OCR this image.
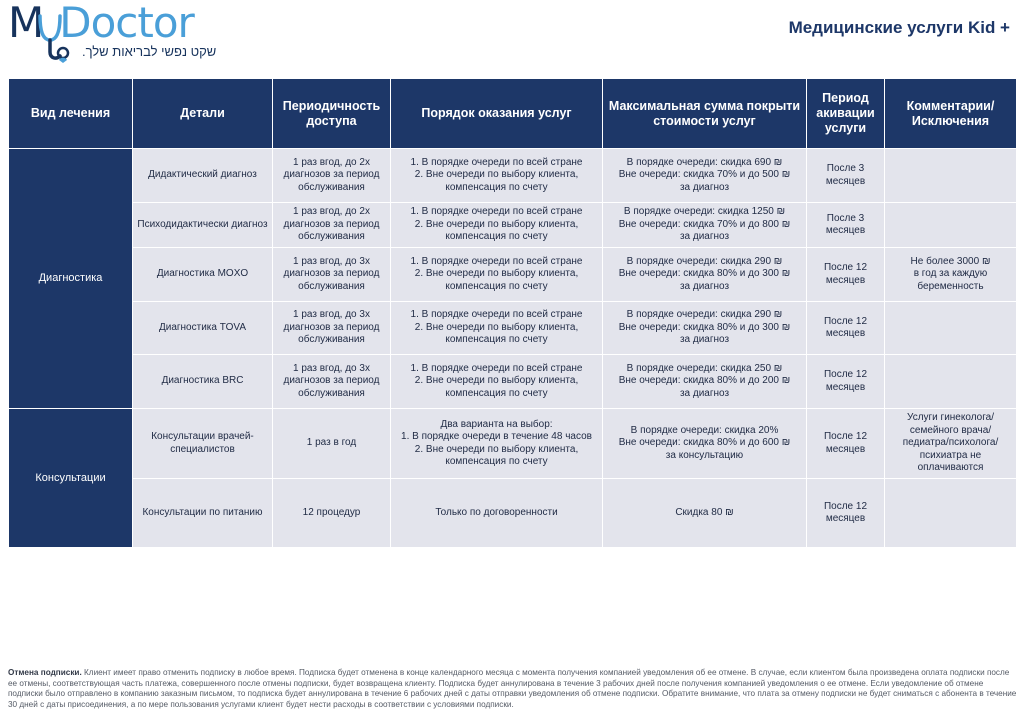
M Doctor
שקט נפשי לבריאות שלך.
Медицинские услуги Kid +
Вид лечения	Детали	Периодичность доступа	Порядок оказания услуг	Максимальная сумма покрыти стоимости услуг	Период акивации услуги	Комментарии/ Исключения
Диагностика	Дидактический диагноз	1 раз вгод, до 2х
диагнозов за период
обслуживания	1. В порядке очереди по всей стране
2. Вне очереди по выбору клиента,
компенсация по счету	В порядке очереди: скидка 690 ₪
Вне очереди: скидка 70% и до 500 ₪
за диагноз	После 3
месяцев	

	Психодидактически диагноз	1 раз вгод, до 2х
диагнозов за период
обслуживания	1. В порядке очереди по всей стране
2. Вне очереди по выбору клиента,
компенсация по счету	В порядке очереди: скидка 1250 ₪
Вне очереди: скидка 70% и до 800 ₪
за диагноз	После 3
месяцев	

	Диагностика MOXO	1 раз вгод, до 3х
диагнозов за период
обслуживания	1. В порядке очереди по всей стране
2. Вне очереди по выбору клиента,
компенсация по счету	В порядке очереди: скидка 290 ₪
Вне очереди: скидка 80% и до 300 ₪
за диагноз	После 12
месяцев	Не более 3000 ₪
в год за каждую
беременность

	Диагностика TOVA	1 раз вгод, до 3х
диагнозов за период
обслуживания	1. В порядке очереди по всей стране
2. Вне очереди по выбору клиента,
компенсация по счету	В порядке очереди: скидка 290 ₪
Вне очереди: скидка 80% и до 300 ₪
за диагноз	После 12
месяцев	

	Диагностика BRC	1 раз вгод, до 3х
диагнозов за период
обслуживания	1. В порядке очереди по всей стране
2. Вне очереди по выбору клиента,
компенсация по счету	В порядке очереди: скидка 250 ₪
Вне очереди: скидка 80% и до 200 ₪
за диагноз	После 12
месяцев	

Консультации	Консультации врачей-специалистов	1 раз в год	Два варианта на выбор:
1. В порядке очереди в течение 48 часов
2. Вне очереди по выбору клиента,
компенсация по счету	В порядке очереди: скидка 20%
Вне очереди: скидка 80% и до 600 ₪
за консультацию	После 12
месяцев	Услуги гинеколога/
семейного врача/
педиатра/психолога/
психиатра не
оплачиваются

	Консультации по питанию	12 процедур	Только по договоренности	Скидка 80 ₪	После 12
месяцев	

Отмена подписки. Клиент имеет право отменить подписку в любое время. Подписка будет отменена в конце календарного месяца с момента получения компанией уведомления об ее отмене. В случае, если клиентом была произведена оплата подписки после ее отмены, соответствующая часть платежа, совершенного после отмены подписки, будет возвращена клиенту. Подписка будет аннулирована в течение 3 рабочих дней после получения компанией уведомления о ее отмене. Если уведомление об отмене подписки было отправлено в компанию заказным письмом, то подписка будет аннулирована в течение 6 рабочих дней с даты отправки уведомления об отмене подписки. Обратите внимание, что плата за отмену подписки не будет сниматься с абонента в течение 30 дней с даты присоединения, а по мере пользования услугами клиент будет нести расходы в соответствии с условиями подписки.
